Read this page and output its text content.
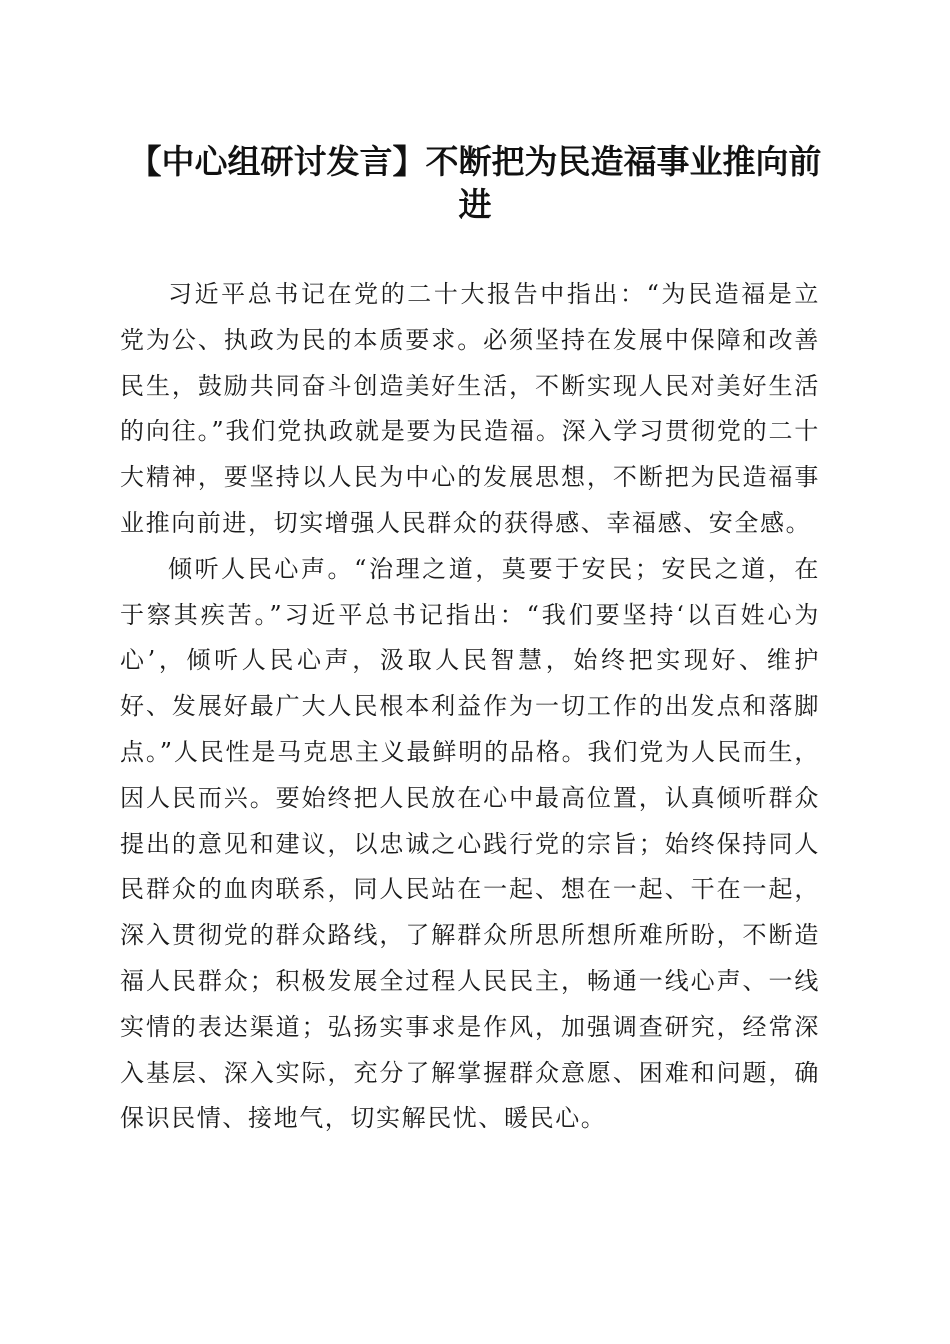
【中心组研讨发言】不断把为民造福事业推向前进

习近平总书记在党的二十大报告中指出：“为民造福是立党为公、执政为民的本质要求。必须坚持在发展中保障和改善民生，鼓励共同奋斗创造美好生活，不断实现人民对美好生活的向往。”我们党执政就是要为民造福。深入学习贯彻党的二十大精神，要坚持以人民为中心的发展思想，不断把为民造福事业推向前进，切实增强人民群众的获得感、幸福感、安全感。

倾听人民心声。“治理之道，莫要于安民；安民之道，在于察其疾苦。”习近平总书记指出：“我们要坚持‘以百姓心为心’，倾听人民心声，汲取人民智慧，始终把实现好、维护好、发展好最广大人民根本利益作为一切工作的出发点和落脚点。”人民性是马克思主义最鲜明的品格。我们党为人民而生，因人民而兴。要始终把人民放在心中最高位置，认真倾听群众提出的意见和建议，以忠诚之心践行党的宗旨；始终保持同人民群众的血肉联系，同人民站在一起、想在一起、干在一起，深入贯彻党的群众路线，了解群众所思所想所难所盼，不断造福人民群众；积极发展全过程人民民主，畅通一线心声、一线实情的表达渠道；弘扬实事求是作风，加强调查研究，经常深入基层、深入实际，充分了解掌握群众意愿、困难和问题，确保识民情、接地气，切实解民忧、暖民心。
